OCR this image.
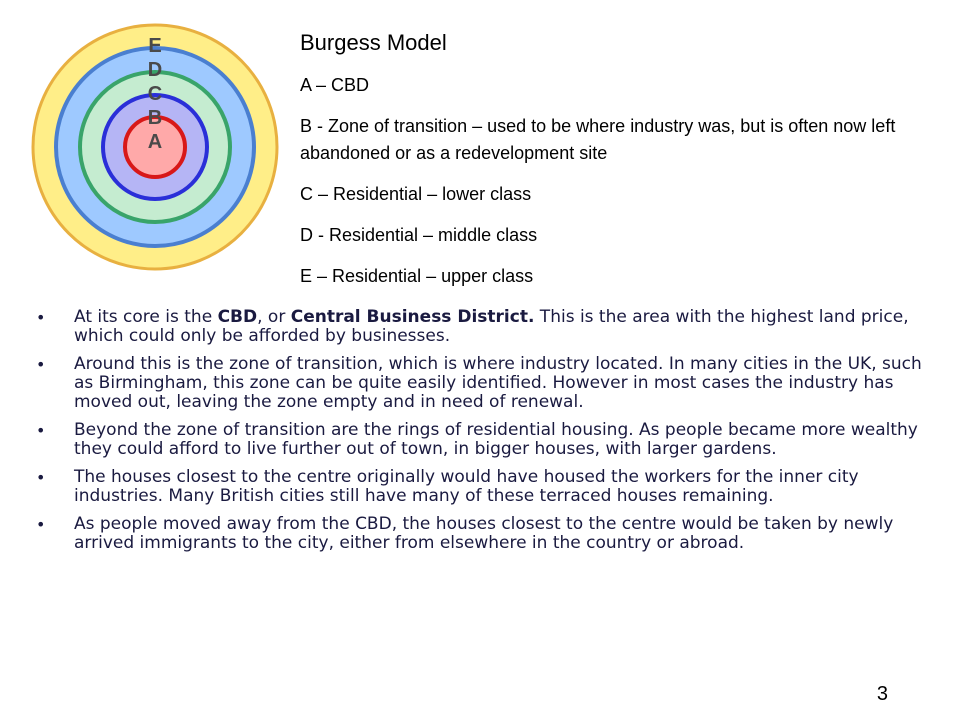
E
D
C
B
A
Burgess Model
A – CBD
B - Zone of transition – used to be where industry was, but is often now left abandoned or as a redevelopment site
C – Residential – lower class
D - Residential – middle class
E – Residential – upper class
• At its core is the CBD, or Central Business District. This is the area with the highest land price, which could only be afforded by businesses.
• Around this is the zone of transition, which is where industry located. In many cities in the UK, such as Birmingham, this zone can be quite easily identified. However in most cases the industry has moved out, leaving the zone empty and in need of renewal.
• Beyond the zone of transition are the rings of residential housing. As people became more wealthy they could afford to live further out of town, in bigger houses, with larger gardens.
• The houses closest to the centre originally would have housed the workers for the inner city industries. Many British cities still have many of these terraced houses remaining.
• As people moved away from the CBD, the houses closest to the centre would be taken by newly arrived immigrants to the city, either from elsewhere in the country or abroad.
3
